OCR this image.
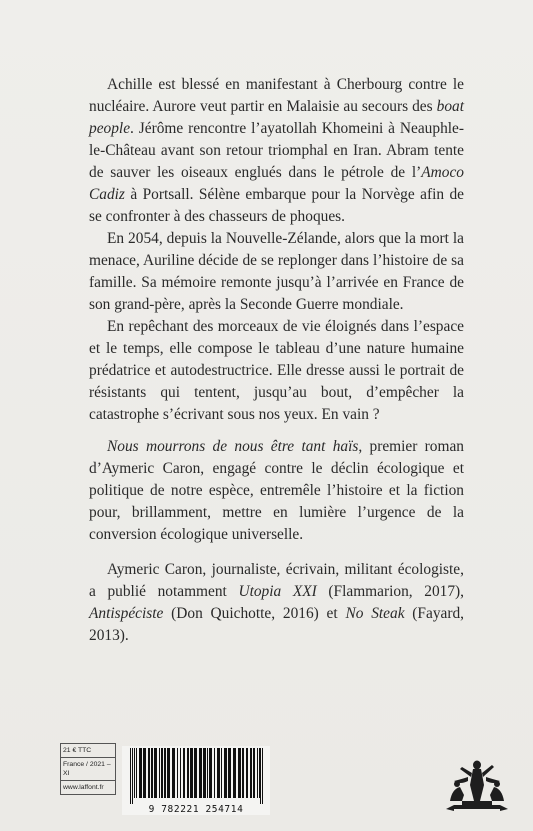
Achille est blessé en manifestant à Cherbourg contre le nucléaire. Aurore veut partir en Malaisie au secours des boat people. Jérôme rencontre l’ayatollah Khomeini à Neauphle-le-Château avant son retour triomphal en Iran. Abram tente de sauver les oiseaux englués dans le pétrole de l’Amoco Cadiz à Portsall. Sélène embarque pour la Norvège afin de se confronter à des chasseurs de phoques.

En 2054, depuis la Nouvelle-Zélande, alors que la mort la menace, Auriline décide de se replonger dans l’histoire de sa famille. Sa mémoire remonte jusqu’à l’arrivée en France de son grand-père, après la Seconde Guerre mondiale.

En repêchant des morceaux de vie éloignés dans l’espace et le temps, elle compose le tableau d’une nature humaine prédatrice et autodestructrice. Elle dresse aussi le portrait de résistants qui tentent, jusqu’au bout, d’empêcher la catastrophe s’écrivant sous nos yeux. En vain ?

Nous mourrons de nous être tant haïs, premier roman d’Aymeric Caron, engagé contre le déclin écologique et politique de notre espèce, entremêle l’histoire et la fiction pour, brillamment, mettre en lumière l’urgence de la conversion écologique universelle.

Aymeric Caron, journaliste, écrivain, militant écologiste, a publié notamment Utopia XXI (Flammarion, 2017), Antispéciste (Don Quichotte, 2016) et No Steak (Fayard, 2013).

21 € TTC
France / 2021 – XI
www.laffont.fr
9 782221 254714
